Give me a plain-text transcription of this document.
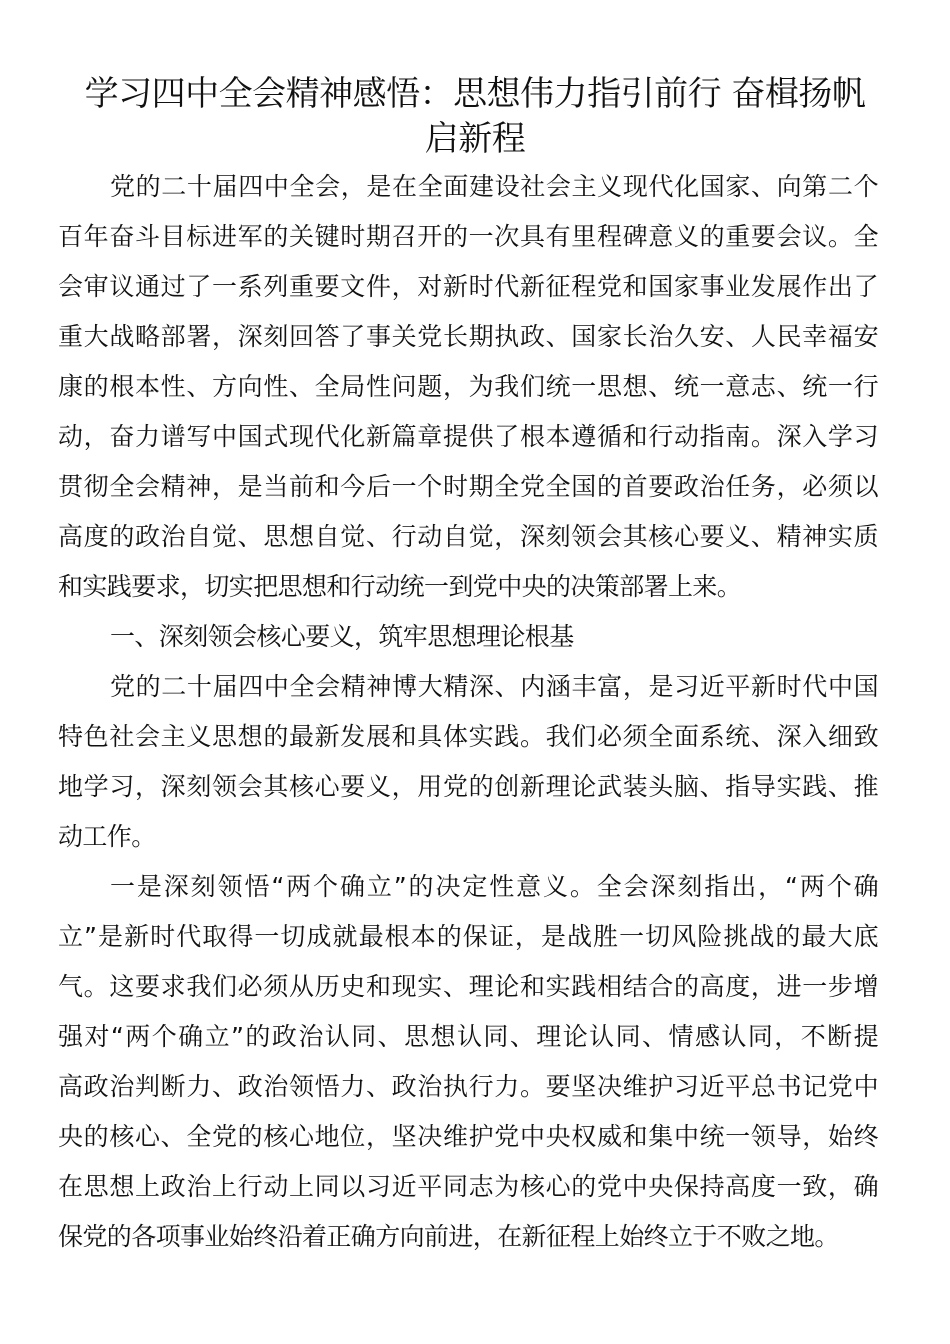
学习四中全会精神感悟：思想伟力指引前行 奋楫扬帆
启新程
党的二十届四中全会，是在全面建设社会主义现代化国家、向第二个
百年奋斗目标进军的关键时期召开的一次具有里程碑意义的重要会议。全
会审议通过了一系列重要文件，对新时代新征程党和国家事业发展作出了
重大战略部署，深刻回答了事关党长期执政、国家长治久安、人民幸福安
康的根本性、方向性、全局性问题，为我们统一思想、统一意志、统一行
动，奋力谱写中国式现代化新篇章提供了根本遵循和行动指南。深入学习
贯彻全会精神，是当前和今后一个时期全党全国的首要政治任务，必须以
高度的政治自觉、思想自觉、行动自觉，深刻领会其核心要义、精神实质
和实践要求，切实把思想和行动统一到党中央的决策部署上来。
一、深刻领会核心要义，筑牢思想理论根基
党的二十届四中全会精神博大精深、内涵丰富，是习近平新时代中国
特色社会主义思想的最新发展和具体实践。我们必须全面系统、深入细致
地学习，深刻领会其核心要义，用党的创新理论武装头脑、指导实践、推
动工作。
一是深刻领悟“两个确立”的决定性意义。全会深刻指出，“两个确
立”是新时代取得一切成就最根本的保证，是战胜一切风险挑战的最大底
气。这要求我们必须从历史和现实、理论和实践相结合的高度，进一步增
强对“两个确立”的政治认同、思想认同、理论认同、情感认同，不断提
高政治判断力、政治领悟力、政治执行力。要坚决维护习近平总书记党中
央的核心、全党的核心地位，坚决维护党中央权威和集中统一领导，始终
在思想上政治上行动上同以习近平同志为核心的党中央保持高度一致，确
保党的各项事业始终沿着正确方向前进，在新征程上始终立于不败之地。
